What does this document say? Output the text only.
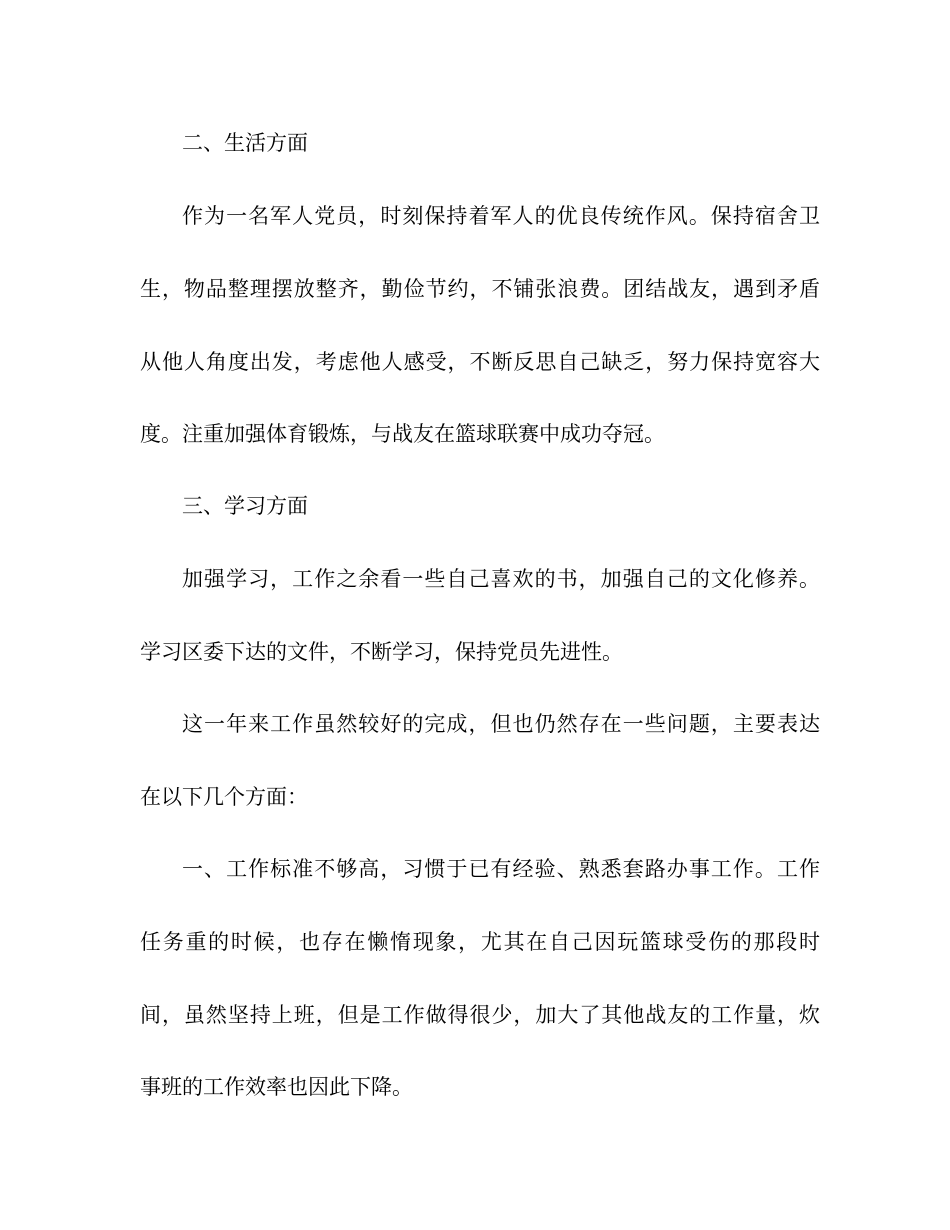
二、生活方面
作为一名军人党员，时刻保持着军人的优良传统作风。保持宿舍卫
生，物品整理摆放整齐，勤俭节约，不铺张浪费。团结战友，遇到矛盾
从他人角度出发，考虑他人感受，不断反思自己缺乏，努力保持宽容大
度。注重加强体育锻炼，与战友在篮球联赛中成功夺冠。
三、学习方面
加强学习，工作之余看一些自己喜欢的书，加强自己的文化修养。
学习区委下达的文件，不断学习，保持党员先进性。
这一年来工作虽然较好的完成，但也仍然存在一些问题，主要表达
在以下几个方面：
一、工作标准不够高，习惯于已有经验、熟悉套路办事工作。工作
任务重的时候，也存在懒惰现象，尤其在自己因玩篮球受伤的那段时
间，虽然坚持上班，但是工作做得很少，加大了其他战友的工作量，炊
事班的工作效率也因此下降。
